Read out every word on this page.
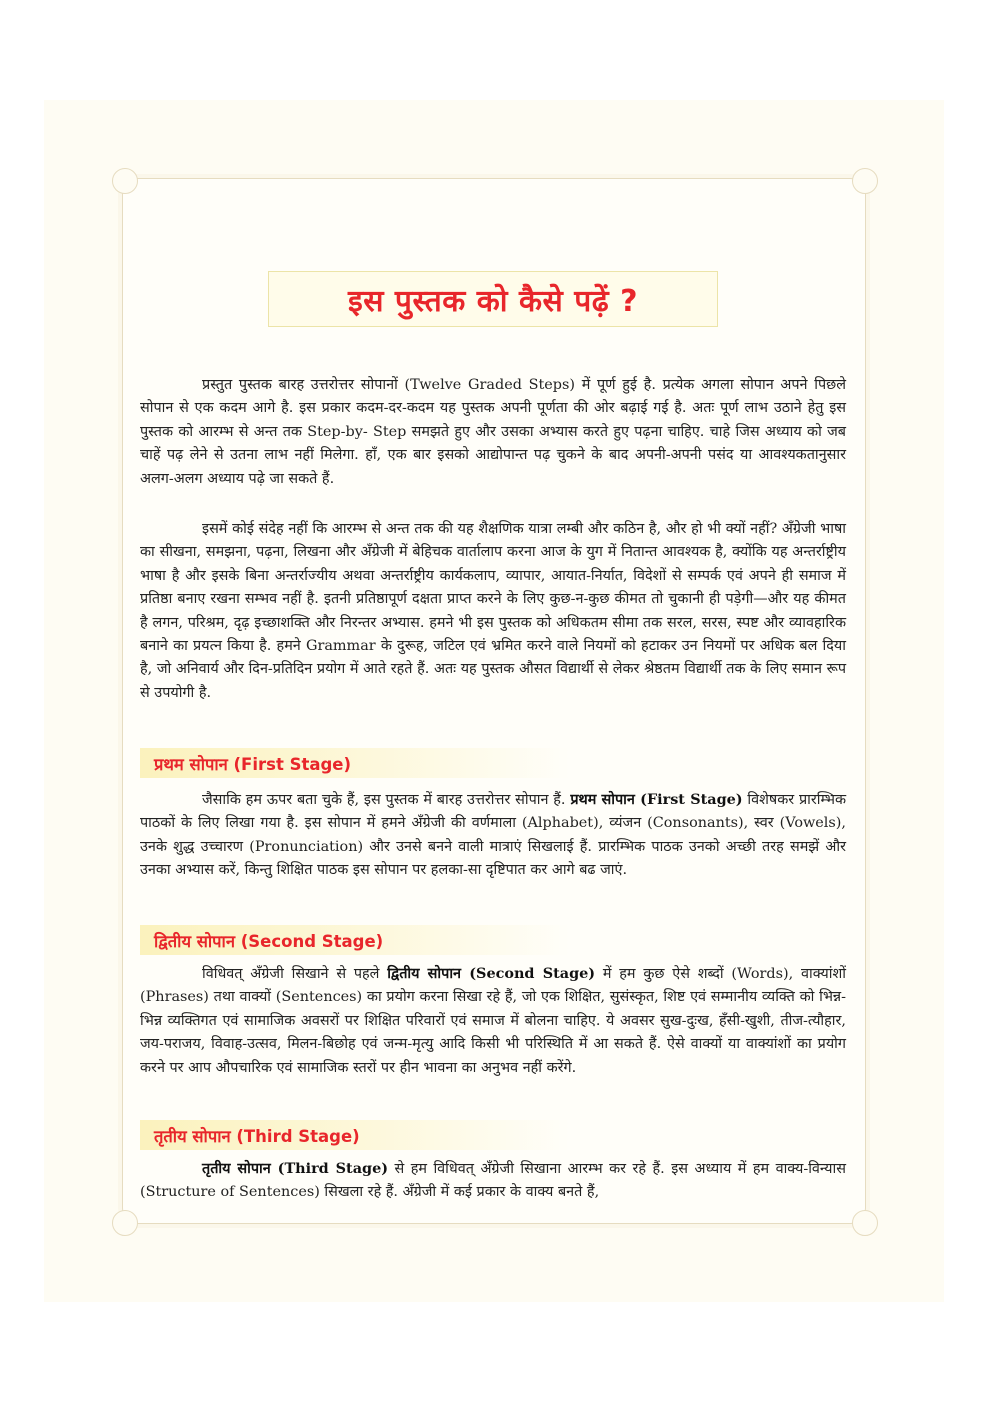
इस पुस्तक को कैसे पढ़ें ?

प्रस्तुत पुस्तक बारह उत्तरोत्तर सोपानों (Twelve Graded Steps) में पूर्ण हुई है. प्रत्येक अगला सोपान अपने पिछले सोपान से एक कदम आगे है. इस प्रकार कदम-दर-कदम यह पुस्तक अपनी पूर्णता की ओर बढ़ाई गई है. अतः पूर्ण लाभ उठाने हेतु इस पुस्तक को आरम्भ से अन्त तक Step-by- Step समझते हुए और उसका अभ्यास करते हुए पढ़ना चाहिए. चाहे जिस अध्याय को जब चाहें पढ़ लेने से उतना लाभ नहीं मिलेगा. हाँ, एक बार इसको आद्योपान्त पढ़ चुकने के बाद अपनी-अपनी पसंद या आवश्यकतानुसार अलग-अलग अध्याय पढ़े जा सकते हैं.

इसमें कोई संदेह नहीं कि आरम्भ से अन्त तक की यह शैक्षणिक यात्रा लम्बी और कठिन है, और हो भी क्यों नहीं? अँग्रेजी भाषा का सीखना, समझना, पढ़ना, लिखना और अँग्रेजी में बेहिचक वार्तालाप करना आज के युग में नितान्त आवश्यक है, क्योंकि यह अन्तर्राष्ट्रीय भाषा है और इसके बिना अन्तर्राज्यीय अथवा अन्तर्राष्ट्रीय कार्यकलाप, व्यापार, आयात-निर्यात, विदेशों से सम्पर्क एवं अपने ही समाज में प्रतिष्ठा बनाए रखना सम्भव नहीं है. इतनी प्रतिष्ठापूर्ण दक्षता प्राप्त करने के लिए कुछ-न-कुछ कीमत तो चुकानी ही पड़ेगी—और यह कीमत है लगन, परिश्रम, दृढ़ इच्छाशक्ति और निरन्तर अभ्यास. हमने भी इस पुस्तक को अधिकतम सीमा तक सरल, सरस, स्पष्ट और व्यावहारिक बनाने का प्रयत्न किया है. हमने Grammar के दुरूह, जटिल एवं भ्रमित करने वाले नियमों को हटाकर उन नियमों पर अधिक बल दिया है, जो अनिवार्य और दिन-प्रतिदिन प्रयोग में आते रहते हैं. अतः यह पुस्तक औसत विद्यार्थी से लेकर श्रेष्ठतम विद्यार्थी तक के लिए समान रूप से उपयोगी है.

प्रथम सोपान (First Stage)

जैसाकि हम ऊपर बता चुके हैं, इस पुस्तक में बारह उत्तरोत्तर सोपान हैं. प्रथम सोपान (First Stage) विशेषकर प्रारम्भिक पाठकों के लिए लिखा गया है. इस सोपान में हमने अँग्रेजी की वर्णमाला (Alphabet), व्यंजन (Consonants), स्वर (Vowels), उनके शुद्ध उच्चारण (Pronunciation) और उनसे बनने वाली मात्राएं सिखलाई हैं. प्रारम्भिक पाठक उनको अच्छी तरह समझें और उनका अभ्यास करें, किन्तु शिक्षित पाठक इस सोपान पर हलका-सा दृष्टिपात कर आगे बढ जाएं.

द्वितीय सोपान (Second Stage)

विधिवत् अँग्रेजी सिखाने से पहले द्वितीय सोपान (Second Stage) में हम कुछ ऐसे शब्दों (Words), वाक्यांशों (Phrases) तथा वाक्यों (Sentences) का प्रयोग करना सिखा रहे हैं, जो एक शिक्षित, सुसंस्कृत, शिष्ट एवं सम्मानीय व्यक्ति को भिन्न-भिन्न व्यक्तिगत एवं सामाजिक अवसरों पर शिक्षित परिवारों एवं समाज में बोलना चाहिए. ये अवसर सुख-दुःख, हँसी-खुशी, तीज-त्यौहार, जय-पराजय, विवाह-उत्सव, मिलन-बिछोह एवं जन्म-मृत्यु आदि किसी भी परिस्थिति में आ सकते हैं. ऐसे वाक्यों या वाक्यांशों का प्रयोग करने पर आप औपचारिक एवं सामाजिक स्तरों पर हीन भावना का अनुभव नहीं करेंगे.

तृतीय सोपान (Third Stage)

तृतीय सोपान (Third Stage) से हम विधिवत् अँग्रेजी सिखाना आरम्भ कर रहे हैं. इस अध्याय में हम वाक्य-विन्यास (Structure of Sentences) सिखला रहे हैं. अँग्रेजी में कई प्रकार के वाक्य बनते हैं,
